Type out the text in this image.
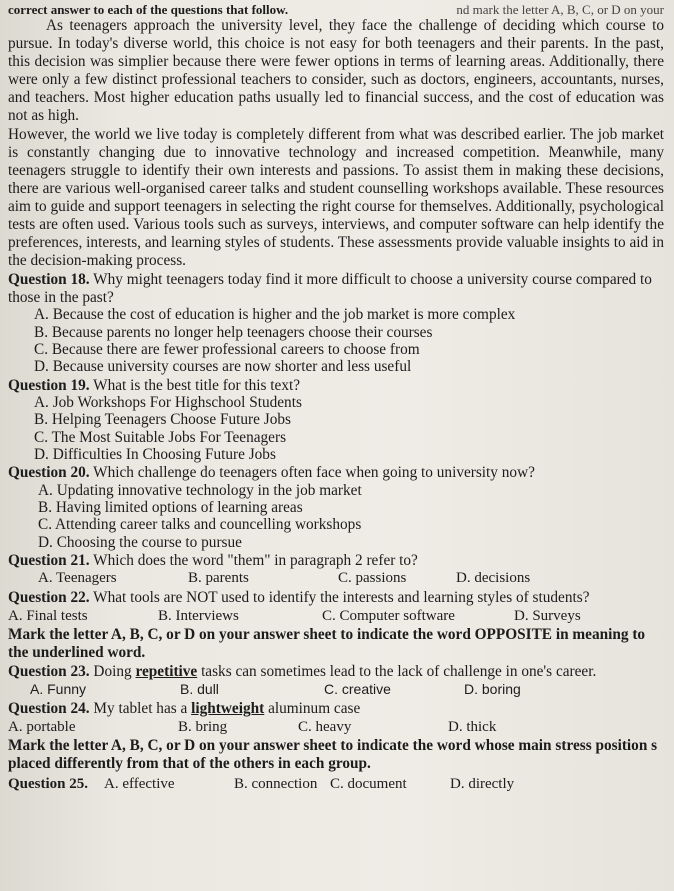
correct answer to each of the questions that follow.	nd mark the letter A, B, C, or D on your

As teenagers approach the university level, they face the challenge of deciding which course to pursue. In today's diverse world, this choice is not easy for both teenagers and their parents. In the past, this decision was simplier because there were fewer options in terms of learning areas. Additionally, there were only a few distinct professional teachers to consider, such as doctors, engineers, accountants, nurses, and teachers. Most higher education paths usually led to financial success, and the cost of education was not as high.

However, the world we live today is completely different from what was described earlier. The job market is constantly changing due to innovative technology and increased competition. Meanwhile, many teenagers struggle to identify their own interests and passions. To assist them in making these decisions, there are various well-organised career talks and student counselling workshops available. These resources aim to guide and support teenagers in selecting the right course for themselves. Additionally, psychological tests are often used. Various tools such as surveys, interviews, and computer software can help identify the preferences, interests, and learning styles of students. These assessments provide valuable insights to aid in the decision-making process.

Question 18. Why might teenagers today find it more difficult to choose a university course compared to those in the past?
A. Because the cost of education is higher and the job market is more complex
B. Because parents no longer help teenagers choose their courses
C. Because there are fewer professional careers to choose from
D. Because university courses are now shorter and less useful
Question 19. What is the best title for this text?
A. Job Workshops For Highschool Students
B. Helping Teenagers Choose Future Jobs
C. The Most Suitable Jobs For Teenagers
D. Difficulties In Choosing Future Jobs
Question 20. Which challenge do teenagers often face when going to university now?
A. Updating innovative technology in the job market
B. Having limited options of learning areas
C. Attending career talks and councelling workshops
D. Choosing the course to pursue
Question 21. Which does the word "them" in paragraph 2 refer to?
A. Teenagers	B. parents	C. passions	D. decisions
Question 22. What tools are NOT used to identify the interests and learning styles of students?
A. Final tests	B. Interviews	C. Computer software	D. Surveys
Mark the letter A, B, C, or D on your answer sheet to indicate the word OPPOSITE in meaning to the underlined word.
Question 23. Doing repetitive tasks can sometimes lead to the lack of challenge in one's career.
A. Funny	B. dull	C. creative	D. boring
Question 24. My tablet has a lightweight aluminum case
A. portable	B. bring	C. heavy	D. thick
Mark the letter A, B, C, or D on your answer sheet to indicate the word whose main stress position s placed differently from that of the others in each group.
Question 25.	A. effective	B. connection C. document	D. directly
